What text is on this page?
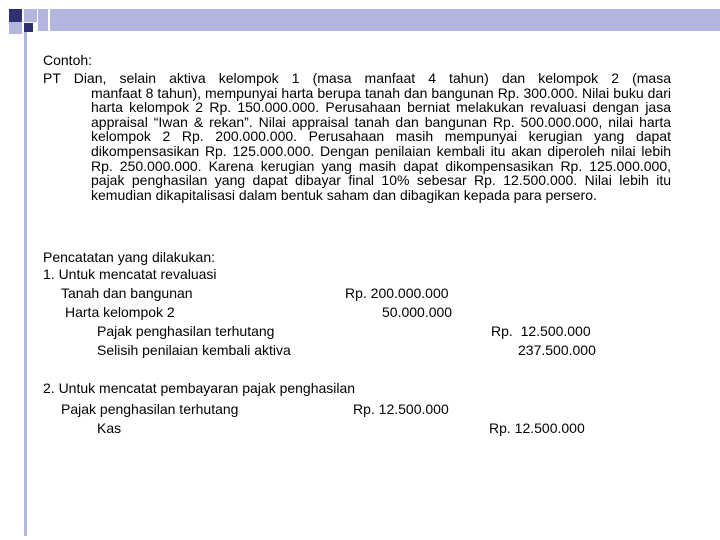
Contoh:
PT Dian, selain aktiva kelompok 1 (masa manfaat 4 tahun) dan kelompok 2 (masa
manfaat 8 tahun), mempunyai harta berupa tanah dan bangunan Rp. 300.000. Nilai buku dari harta kelompok 2 Rp. 150.000.000. Perusahaan berniat melakukan revaluasi dengan jasa appraisal “Iwan & rekan”. Nilai appraisal tanah dan bangunan Rp. 500.000.000, nilai harta kelompok 2 Rp. 200.000.000. Perusahaan masih mempunyai kerugian yang dapat dikompensasikan Rp. 125.000.000. Dengan penilaian kembali itu akan diperoleh nilai lebih Rp. 250.000.000. Karena kerugian yang masih dapat dikompensasikan Rp. 125.000.000, pajak penghasilan yang dapat dibayar final 10% sebesar Rp. 12.500.000. Nilai lebih itu kemudian dikapitalisasi dalam bentuk saham dan dibagikan kepada para persero.
Pencatatan yang dilakukan:
1. Untuk mencatat revaluasi
Tanah dan bangunan	Rp. 200.000.000
Harta kelompok 2	50.000.000
Pajak penghasilan terhutang	Rp.  12.500.000
Selisih penilaian kembali aktiva	237.500.000
2. Untuk mencatat pembayaran pajak penghasilan
Pajak penghasilan terhutang	Rp. 12.500.000
Kas	Rp. 12.500.000
